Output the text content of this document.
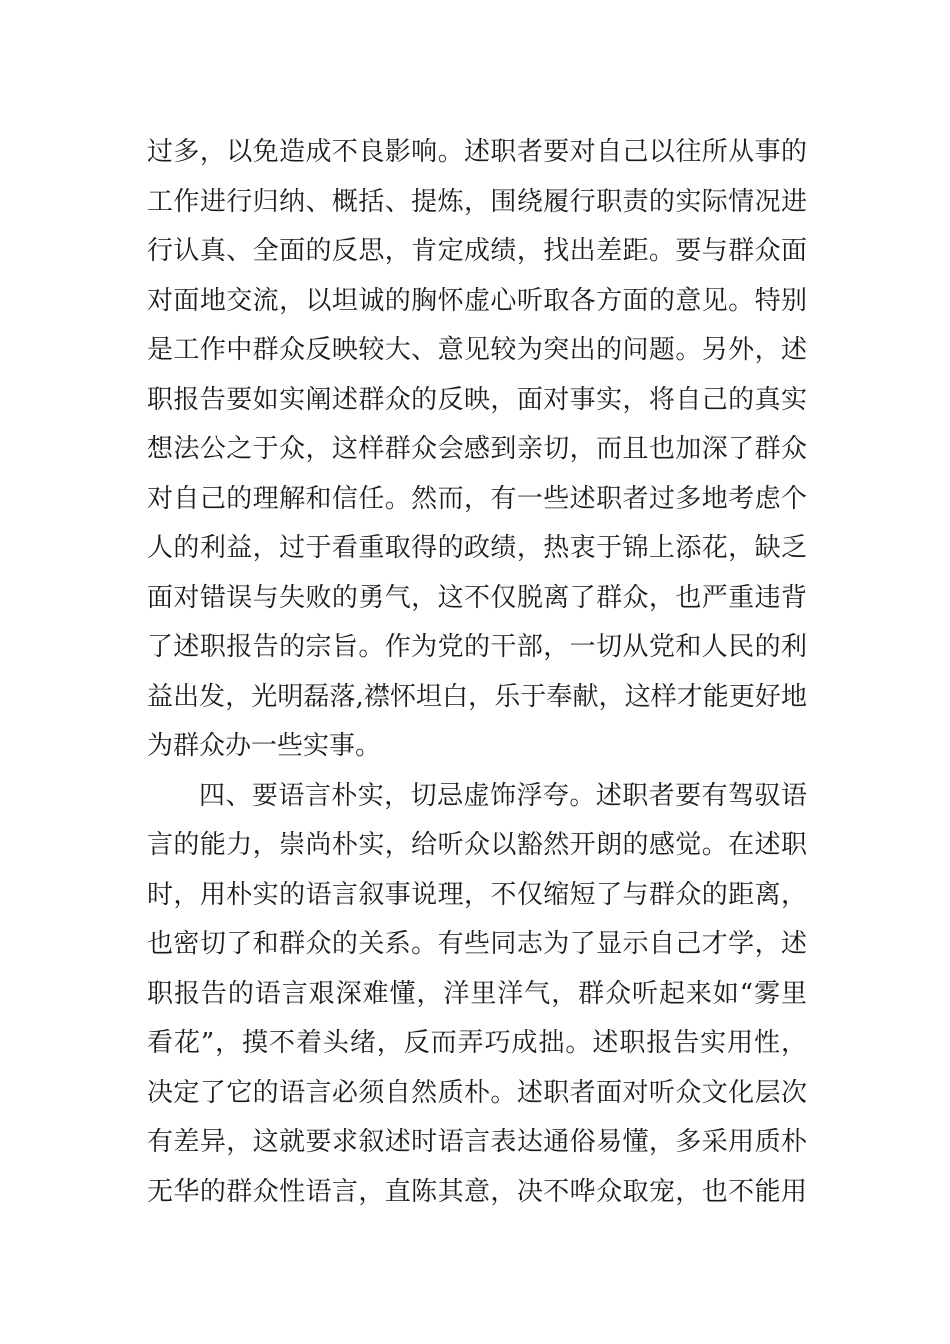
过多，以免造成不良影响。述职者要对自己以往所从事的
工作进行归纳、概括、提炼，围绕履行职责的实际情况进
行认真、全面的反思，肯定成绩，找出差距。要与群众面
对面地交流，以坦诚的胸怀虚心听取各方面的意见。特别
是工作中群众反映较大、意见较为突出的问题。另外，述
职报告要如实阐述群众的反映，面对事实，将自己的真实
想法公之于众，这样群众会感到亲切，而且也加深了群众
对自己的理解和信任。然而，有一些述职者过多地考虑个
人的利益，过于看重取得的政绩，热衷于锦上添花，缺乏
面对错误与失败的勇气，这不仅脱离了群众，也严重违背
了述职报告的宗旨。作为党的干部，一切从党和人民的利
益出发，光明磊落,襟怀坦白，乐于奉献，这样才能更好地
为群众办一些实事。
四、要语言朴实，切忌虚饰浮夸。述职者要有驾驭语
言的能力，崇尚朴实，给听众以豁然开朗的感觉。在述职
时，用朴实的语言叙事说理，不仅缩短了与群众的距离，
也密切了和群众的关系。有些同志为了显示自己才学，述
职报告的语言艰深难懂，洋里洋气，群众听起来如“雾里
看花”，摸不着头绪，反而弄巧成拙。述职报告实用性，
决定了它的语言必须自然质朴。述职者面对听众文化层次
有差异，这就要求叙述时语言表达通俗易懂，多采用质朴
无华的群众性语言，直陈其意，决不哗众取宠，也不能用
